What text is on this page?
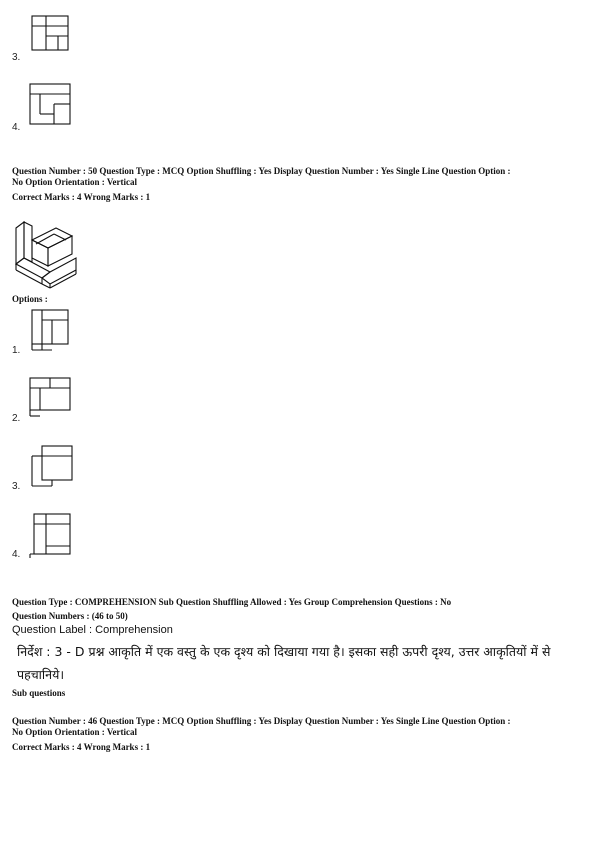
3.
4.
Question Number : 50 Question Type : MCQ Option Shuffling : Yes Display Question Number : Yes Single Line Question Option :
No Option Orientation : Vertical
Correct Marks : 4 Wrong Marks : 1
Options :
1.
2.
3.
4.
Question Type : COMPREHENSION Sub Question Shuffling Allowed : Yes Group Comprehension Questions : No
Question Numbers : (46 to 50)
Question Label : Comprehension
निर्देश : 3 - D प्रश्न आकृति में एक वस्तु के एक दृश्य को दिखाया गया है। इसका सही ऊपरी दृश्य, उत्तर आकृतियों में से पहचानिये।
Sub questions
Question Number : 46 Question Type : MCQ Option Shuffling : Yes Display Question Number : Yes Single Line Question Option :
No Option Orientation : Vertical
Correct Marks : 4 Wrong Marks : 1
